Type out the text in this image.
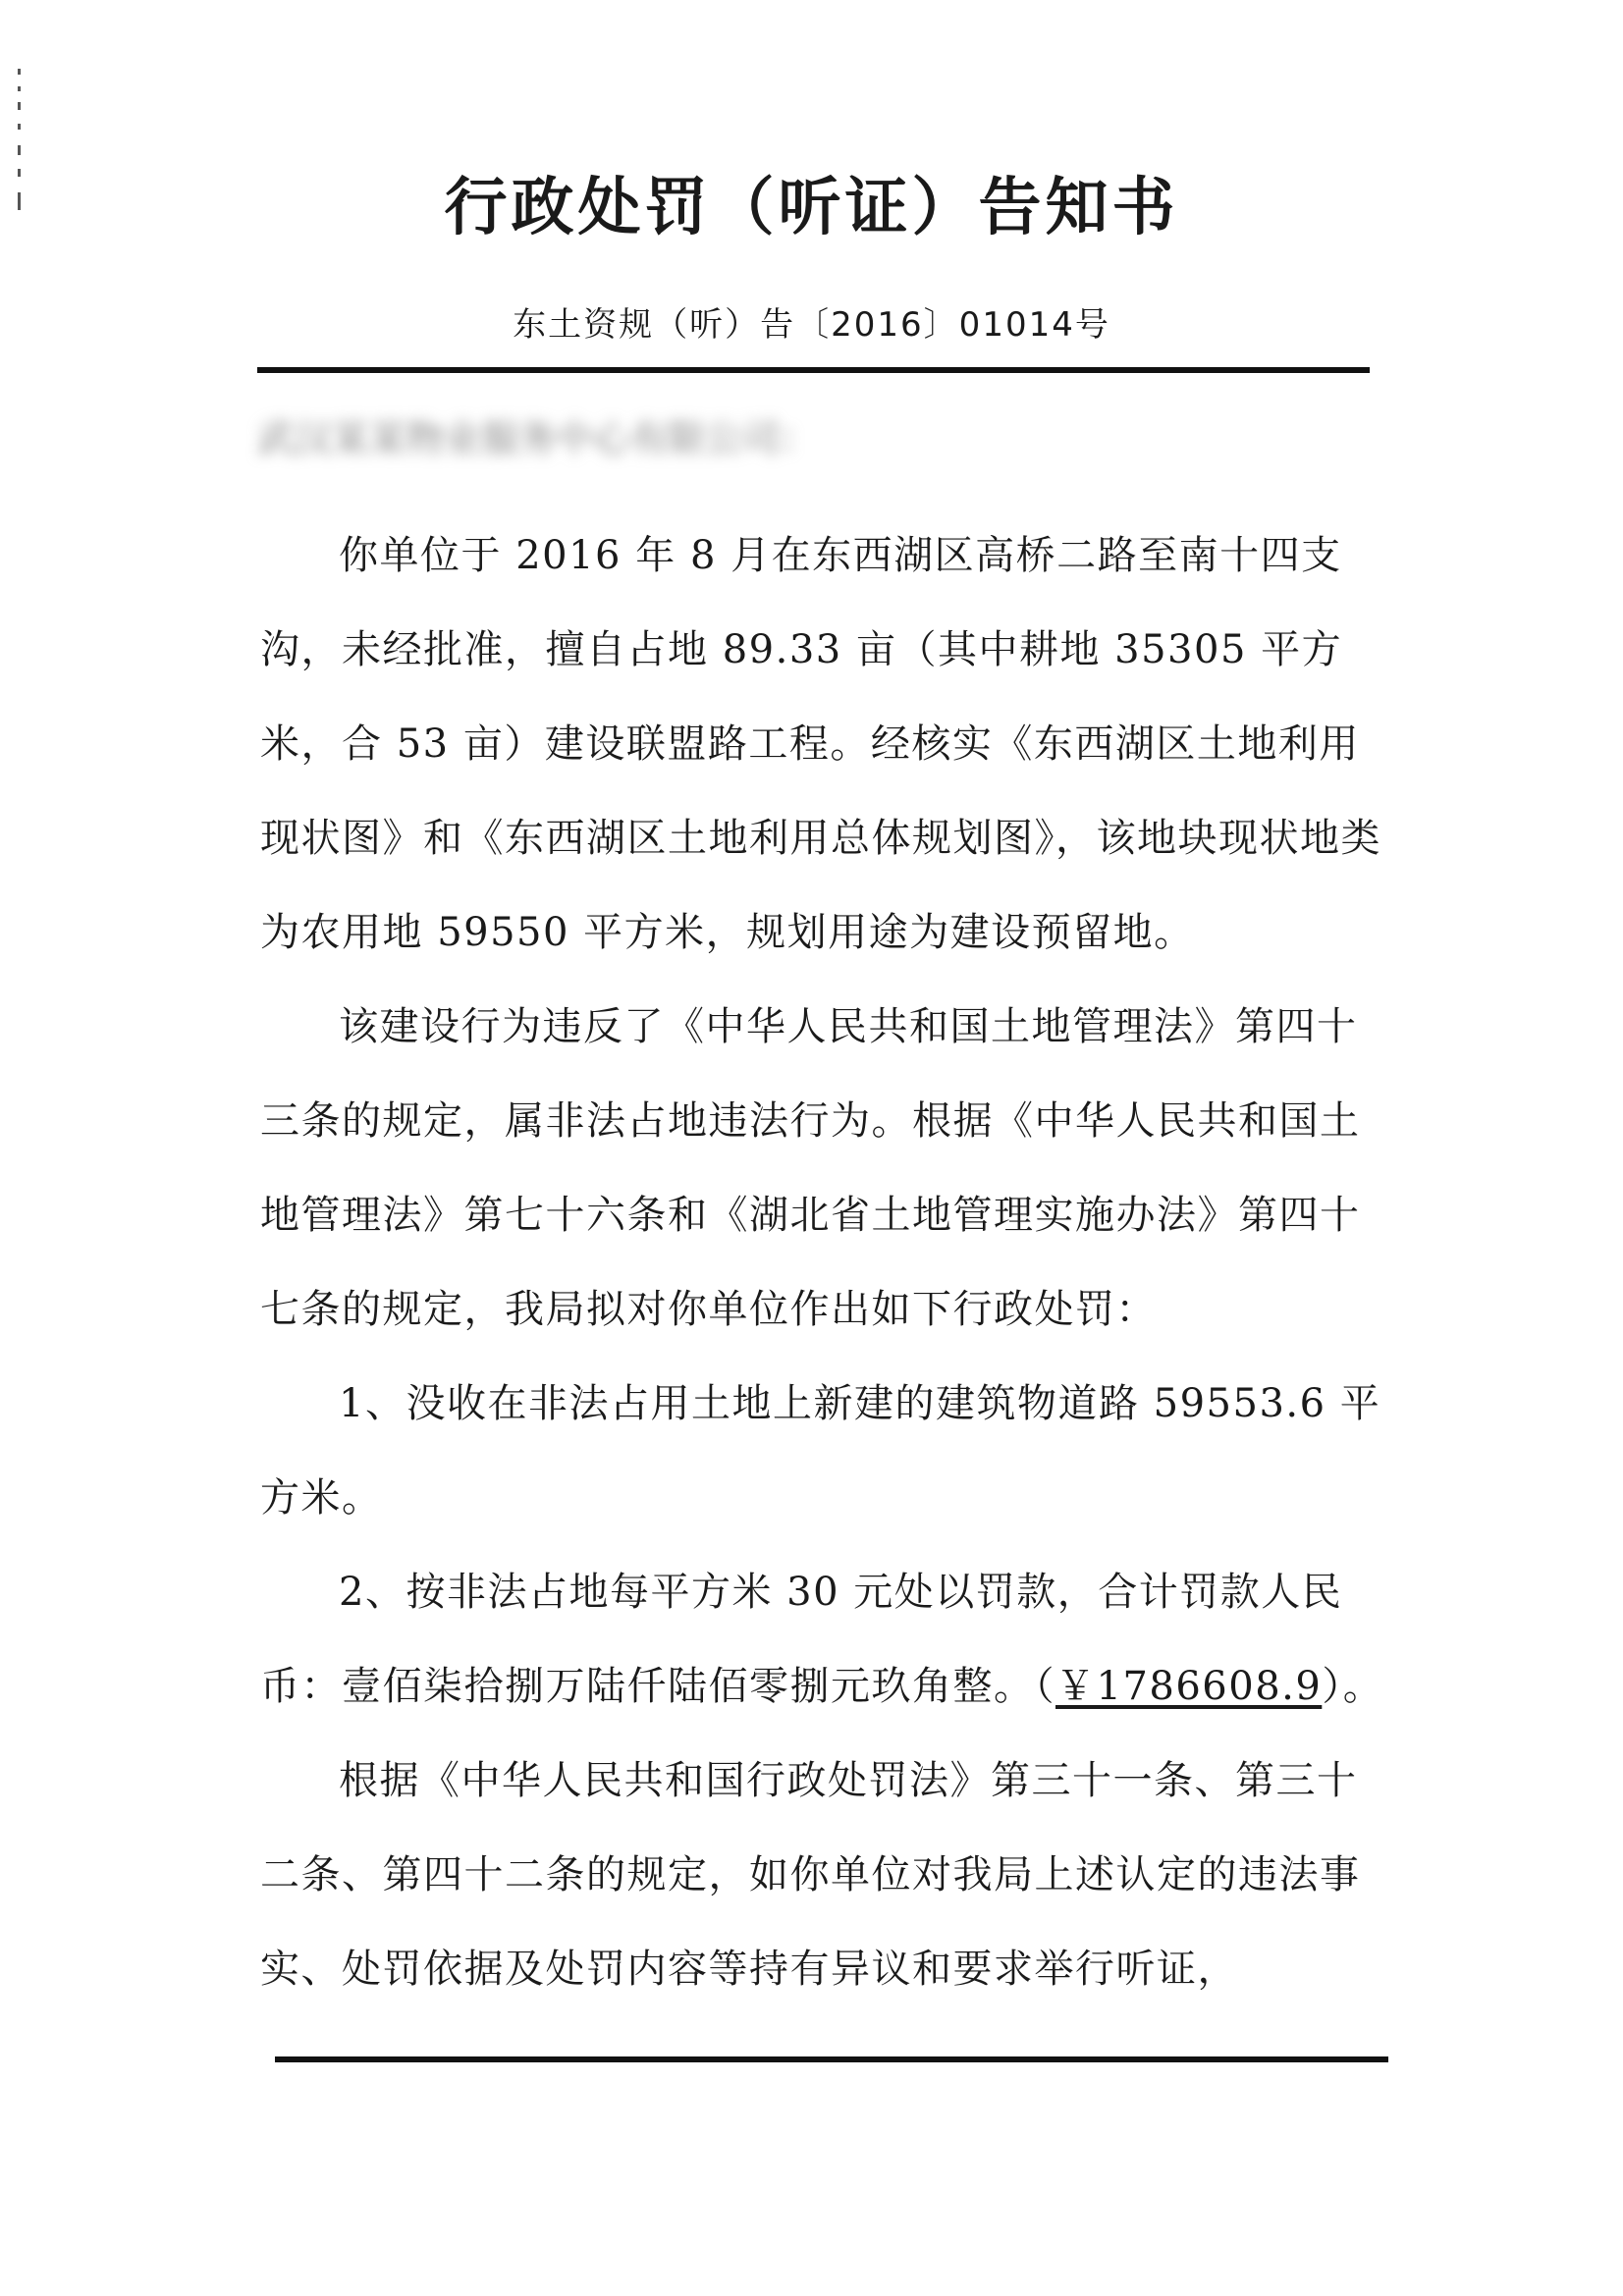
行政处罚（听证）告知书
东土资规（听）告〔2016〕01014号
武汉某某物业服务中心有限公司：

你单位于 2016 年 8 月在东西湖区高桥二路至南十四支沟，未经批准，擅自占地 89.33 亩（其中耕地 35305 平方米，合 53 亩）建设联盟路工程。经核实《东西湖区土地利用现状图》和《东西湖区土地利用总体规划图》，该地块现状地类为农用地 59550 平方米，规划用途为建设预留地。

该建设行为违反了《中华人民共和国土地管理法》第四十三条的规定，属非法占地违法行为。根据《中华人民共和国土地管理法》第七十六条和《湖北省土地管理实施办法》第四十七条的规定，我局拟对你单位作出如下行政处罚：

1、没收在非法占用土地上新建的建筑物道路 59553.6 平方米。

2、按非法占地每平方米 30 元处以罚款，合计罚款人民币：壹佰柒拾捌万陆仟陆佰零捌元玖角整。（￥1786608.9）。

根据《中华人民共和国行政处罚法》第三十一条、第三十二条、第四十二条的规定，如你单位对我局上述认定的违法事实、处罚依据及处罚内容等持有异议和要求举行听证，
